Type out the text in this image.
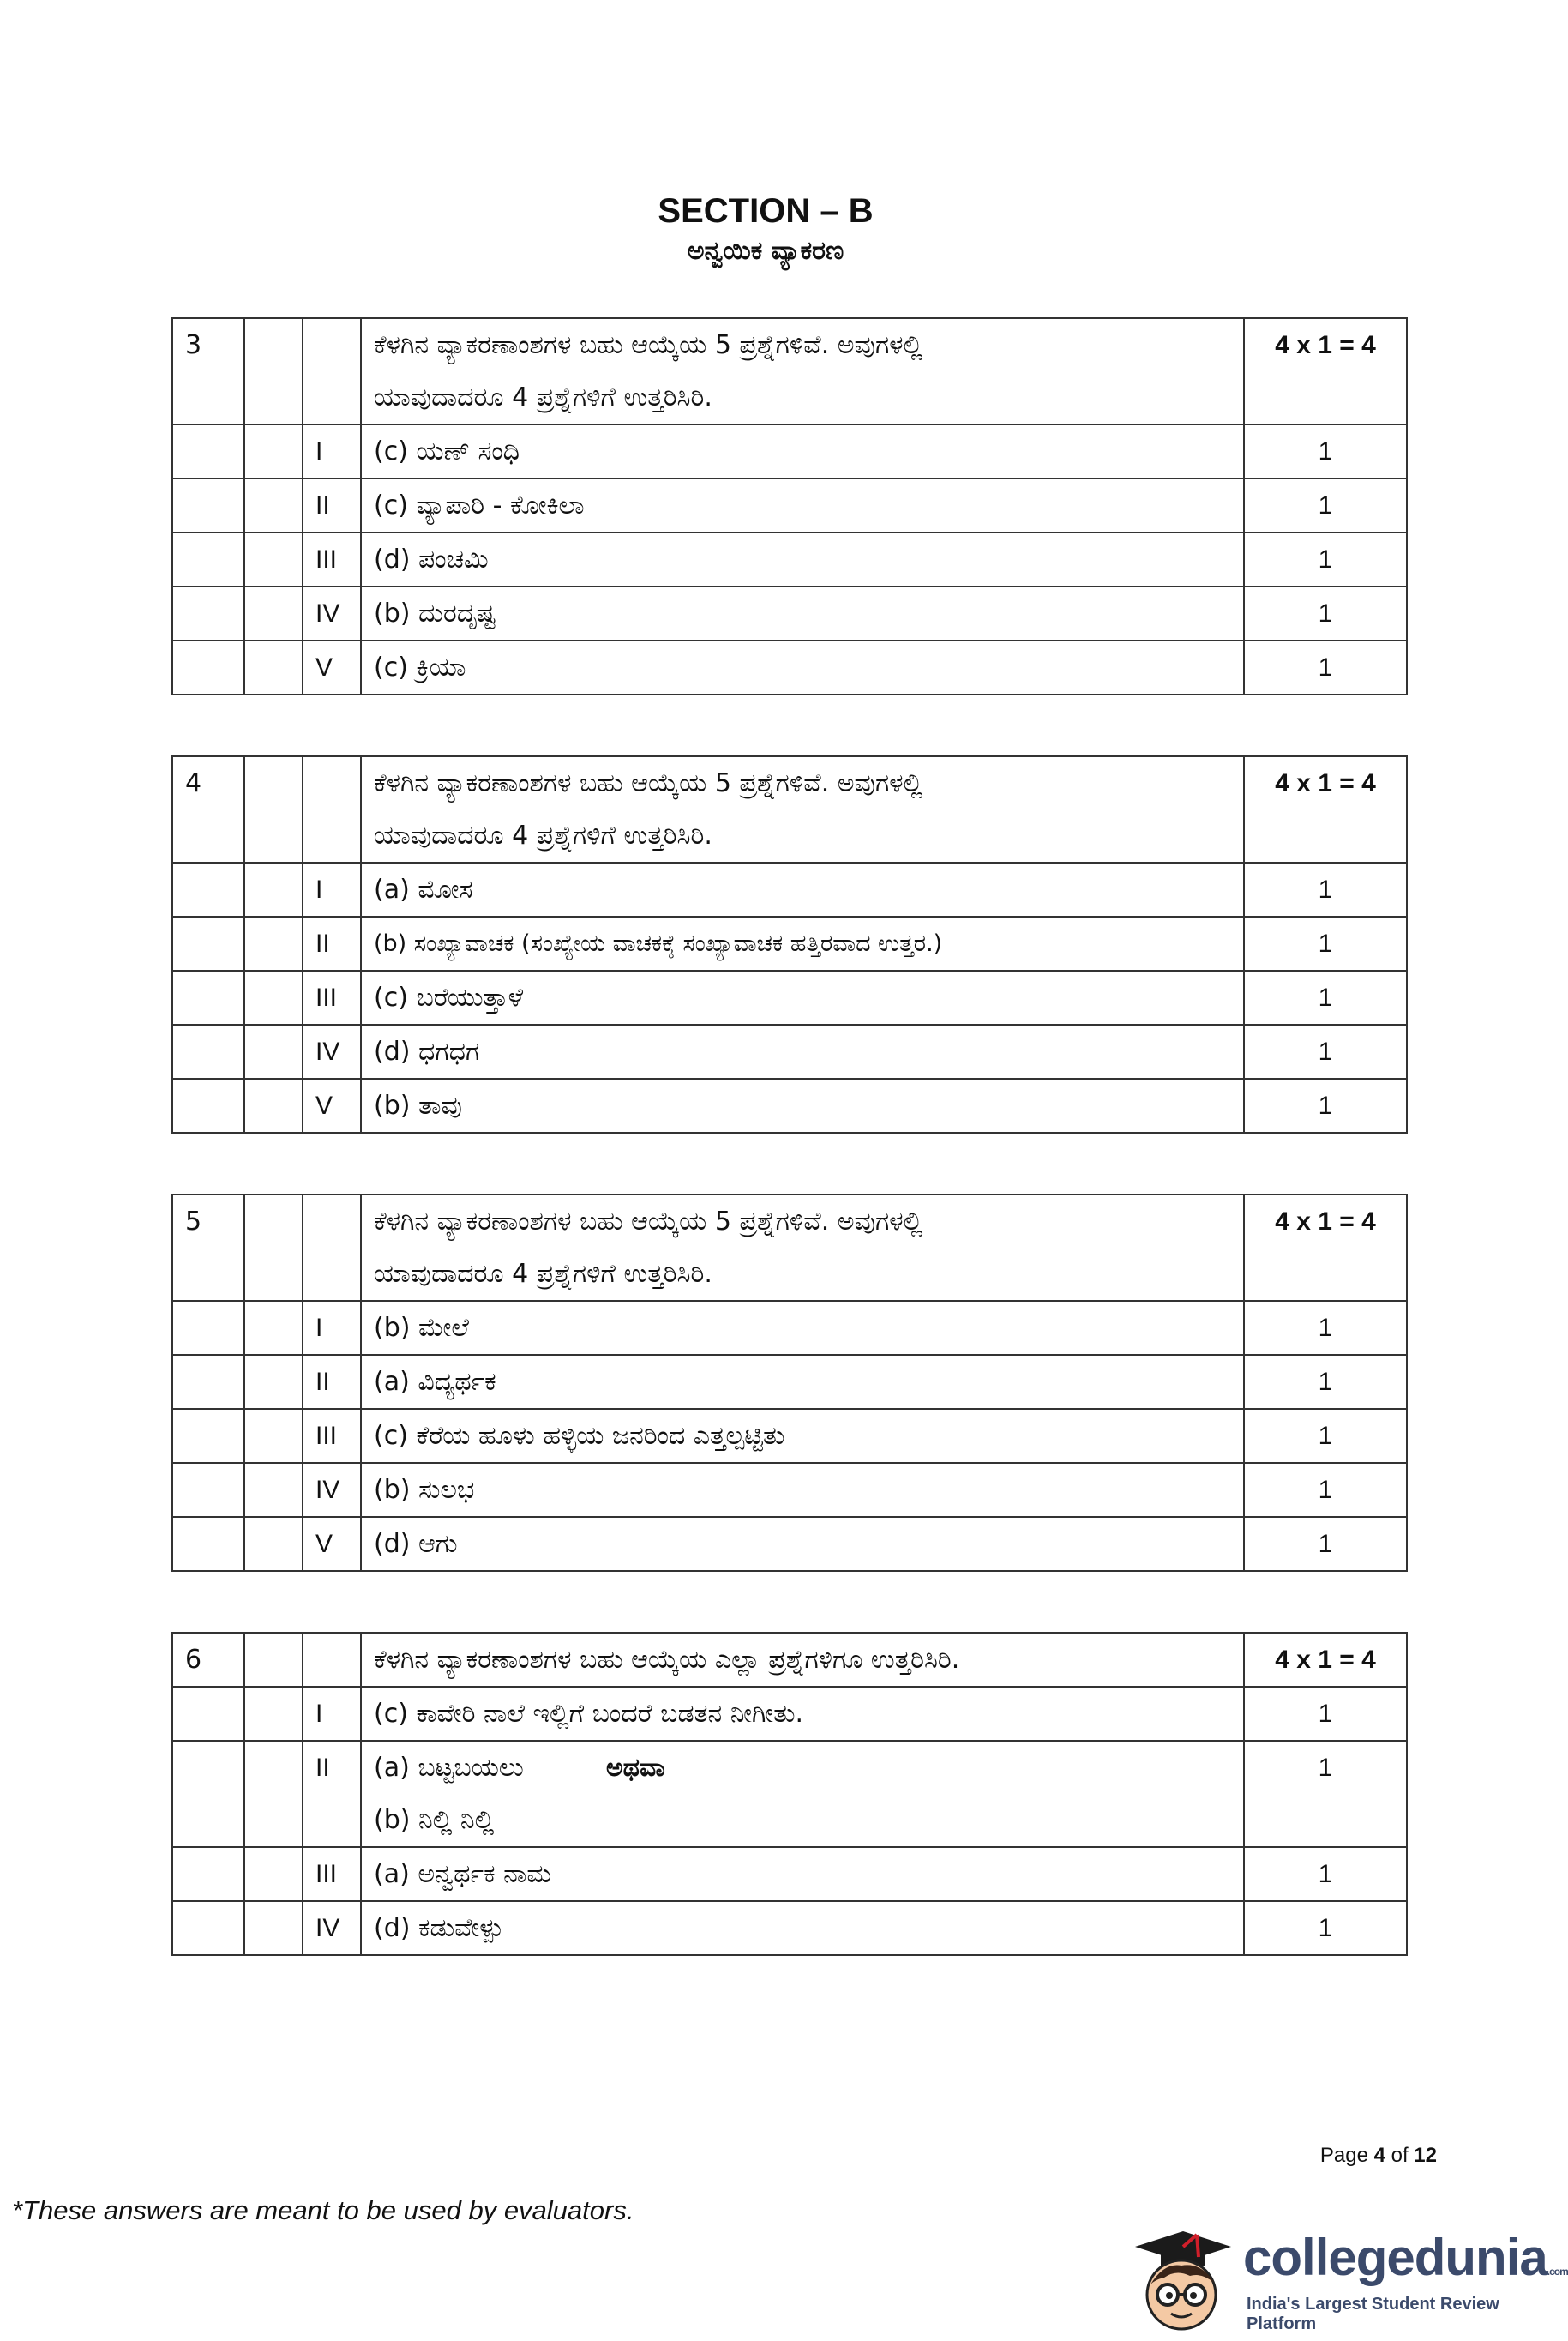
SECTION – B
ಅನ್ವಯಿಕ ವ್ಯಾಕರಣ
3			ಕೆಳಗಿನ ವ್ಯಾಕರಣಾಂಶಗಳ ಬಹು ಆಯ್ಕೆಯ 5 ಪ್ರಶ್ನೆಗಳಿವೆ. ಅವುಗಳಲ್ಲಿ
ಯಾವುದಾದರೂ 4 ಪ್ರಶ್ನೆಗಳಿಗೆ ಉತ್ತರಿಸಿರಿ.	4 x 1 = 4
		I	(c) ಯಣ್ ಸಂಧಿ	1
		II	(c) ವ್ಯಾಪಾರಿ - ಕೋಕಿಲಾ	1
		III	(d) ಪಂಚಮಿ	1
		IV	(b) ದುರದೃಷ್ಟ	1
		V	(c) ಕ್ರಿಯಾ	1
4			ಕೆಳಗಿನ ವ್ಯಾಕರಣಾಂಶಗಳ ಬಹು ಆಯ್ಕೆಯ 5 ಪ್ರಶ್ನೆಗಳಿವೆ. ಅವುಗಳಲ್ಲಿ
ಯಾವುದಾದರೂ 4 ಪ್ರಶ್ನೆಗಳಿಗೆ ಉತ್ತರಿಸಿರಿ.	4 x 1 = 4
		I	(a) ಮೋಸ	1
		II	(b) ಸಂಖ್ಯಾವಾಚಕ (ಸಂಖ್ಯೇಯ ವಾಚಕಕ್ಕೆ ಸಂಖ್ಯಾವಾಚಕ ಹತ್ತಿರವಾದ ಉತ್ತರ.)	1
		III	(c) ಬರೆಯುತ್ತಾಳೆ	1
		IV	(d) ಧಗಧಗ	1
		V	(b) ತಾವು	1
5			ಕೆಳಗಿನ ವ್ಯಾಕರಣಾಂಶಗಳ ಬಹು ಆಯ್ಕೆಯ 5 ಪ್ರಶ್ನೆಗಳಿವೆ. ಅವುಗಳಲ್ಲಿ
ಯಾವುದಾದರೂ 4 ಪ್ರಶ್ನೆಗಳಿಗೆ ಉತ್ತರಿಸಿರಿ.	4 x 1 = 4
		I	(b) ಮೇಲೆ	1
		II	(a) ವಿದ್ಯರ್ಥಕ	1
		III	(c) ಕೆರೆಯ ಹೂಳು ಹಳ್ಳಿಯ ಜನರಿಂದ ಎತ್ತಲ್ಪಟ್ಟಿತು	1
		IV	(b) ಸುಲಭ	1
		V	(d) ಆಗು	1
6			ಕೆಳಗಿನ ವ್ಯಾಕರಣಾಂಶಗಳ ಬಹು ಆಯ್ಕೆಯ ಎಲ್ಲಾ ಪ್ರಶ್ನೆಗಳಿಗೂ ಉತ್ತರಿಸಿರಿ.	4 x 1 = 4
		I	(c) ಕಾವೇರಿ ನಾಲೆ ಇಲ್ಲಿಗೆ ಬಂದರೆ ಬಡತನ ನೀಗೀತು.	1
		II	(a) ಬಟ್ಟಬಯಲು ಅಥವಾ
(b) ನಿಲ್ಲಿ ನಿಲ್ಲಿ	1
		III	(a) ಅನ್ವರ್ಥಕ ನಾಮ	1
		IV	(d) ಕಡುವೇಳ್ಪು	1
Page 4 of 12
*These answers are meant to be used by evaluators.
collegedunia.com
India's Largest Student Review Platform
